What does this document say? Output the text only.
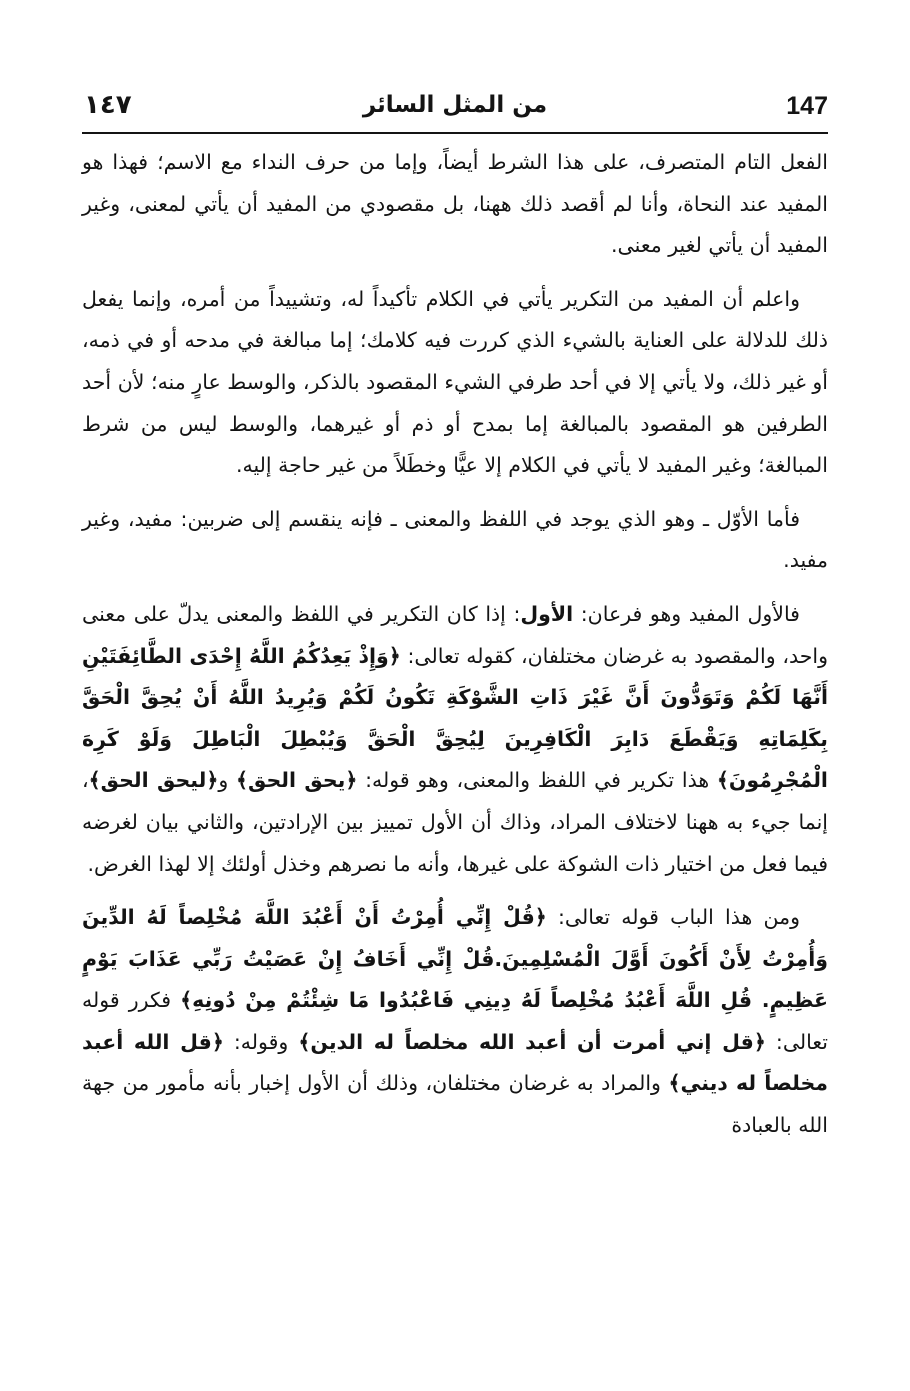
147
من المثل السائر
١٤٧

الفعل التام المتصرف، على هذا الشرط أيضاً، وإما من حرف النداء مع الاسم؛ فهذا هو المفيد عند النحاة، وأنا لم أقصد ذلك ههنا، بل مقصودي من المفيد أن يأتي لمعنى، وغير المفيد أن يأتي لغير معنى.

واعلم أن المفيد من التكرير يأتي في الكلام تأكيداً له، وتشييداً من أمره، وإنما يفعل ذلك للدلالة على العناية بالشيء الذي كررت فيه كلامك؛ إما مبالغة في مدحه أو في ذمه، أو غير ذلك، ولا يأتي إلا في أحد طرفي الشيء المقصود بالذكر، والوسط عارٍ منه؛ لأن أحد الطرفين هو المقصود بالمبالغة إما بمدح أو ذم أو غيرهما، والوسط ليس من شرط المبالغة؛ وغير المفيد لا يأتي في الكلام إلا عيًّا وخطَلاً من غير حاجة إليه.

فأما الأوّل ـ وهو الذي يوجد في اللفظ والمعنى ـ فإنه ينقسم إلى ضربين: مفيد، وغير مفيد.

فالأول المفيد وهو فرعان: الأول: إذا كان التكرير في اللفظ والمعنى يدلّ على معنى واحد، والمقصود به غرضان مختلفان، كقوله تعالى: ﴿وَإِذْ يَعِدُكُمُ اللَّهُ إِحْدَى الطَّائِفَتَيْنِ أَنَّهَا لَكُمْ وَتَوَدُّونَ أَنَّ غَيْرَ ذَاتِ الشَّوْكَةِ تَكُونُ لَكُمْ وَيُرِيدُ اللَّهُ أَنْ يُحِقَّ الْحَقَّ بِكَلِمَاتِهِ وَيَقْطَعَ دَابِرَ الْكَافِرِينَ لِيُحِقَّ الْحَقَّ وَيُبْطِلَ الْبَاطِلَ وَلَوْ كَرِهَ الْمُجْرِمُونَ﴾ هذا تكرير في اللفظ والمعنى، وهو قوله: ﴿يحق الحق﴾ و﴿ليحق الحق﴾، إنما جيء به ههنا لاختلاف المراد، وذاك أن الأول تمييز بين الإرادتين، والثاني بيان لغرضه فيما فعل من اختيار ذات الشوكة على غيرها، وأنه ما نصرهم وخذل أولئك إلا لهذا الغرض.

ومن هذا الباب قوله تعالى: ﴿قُلْ إِنِّي أُمِرْتُ أَنْ أَعْبُدَ اللَّهَ مُخْلِصاً لَهُ الدِّينَ وَأُمِرْتُ لِأَنْ أَكُونَ أَوَّلَ الْمُسْلِمِينَ.قُلْ إِنِّي أَخَافُ إِنْ عَصَيْتُ رَبِّي عَذَابَ يَوْمٍ عَظِيمٍ. قُلِ اللَّهَ أَعْبُدُ مُخْلِصاً لَهُ دِينِي فَاعْبُدُوا مَا شِئْتُمْ مِنْ دُونِهِ﴾ فكرر قوله تعالى: ﴿قل إني أمرت أن أعبد الله مخلصاً له الدين﴾ وقوله: ﴿قل الله أعبد مخلصاً له ديني﴾ والمراد به غرضان مختلفان، وذلك أن الأول إخبار بأنه مأمور من جهة الله بالعبادة
